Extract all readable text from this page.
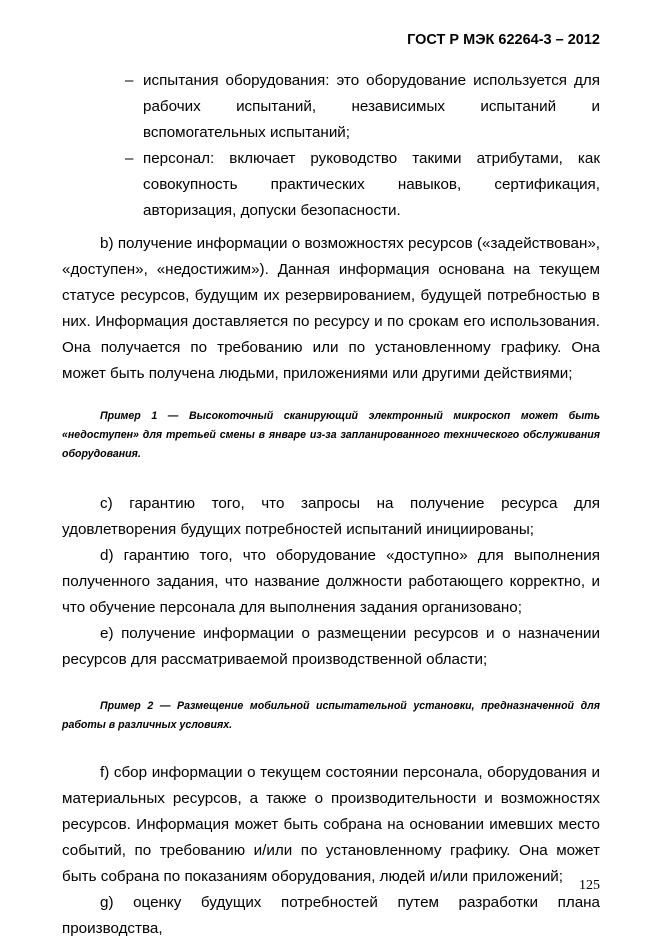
ГОСТ Р МЭК 62264-3 – 2012
– испытания оборудования: это оборудование используется для рабочих испытаний, независимых испытаний и вспомогательных испытаний;
– персонал: включает руководство такими атрибутами, как совокупность практических навыков, сертификация, авторизация, допуски безопасности.

b) получение информации о возможностях ресурсов («задействован», «доступен», «недостижим»). Данная информация основана на текущем статусе ресурсов, будущим их резервированием, будущей потребностью в них. Информация доставляется по ресурсу и по срокам его использования. Она получается по требованию или по установленному графику. Она может быть получена людьми, приложениями или другими действиями;

Пример 1 — Высокоточный сканирующий электронный микроскоп может быть «недоступен» для третьей смены в январе из-за запланированного технического обслуживания оборудования.

c) гарантию того, что запросы на получение ресурса для удовлетворения будущих потребностей испытаний инициированы;

d) гарантию того, что оборудование «доступно» для выполнения полученного задания, что название должности работающего корректно, и что обучение персонала для выполнения задания организовано;

e) получение информации о размещении ресурсов и о назначении ресурсов для рассматриваемой производственной области;

Пример 2 — Размещение мобильной испытательной установки, предназначенной для работы в различных условиях.

f) сбор информации о текущем состоянии персонала, оборудования и материальных ресурсов, а также о производительности и возможностях ресурсов. Информация может быть собрана на основании имевших место событий, по требованию и/или по установленному графику. Она может быть собрана по показаниям оборудования, людей и/или приложений;

g) оценку будущих потребностей путем разработки плана производства,

125
